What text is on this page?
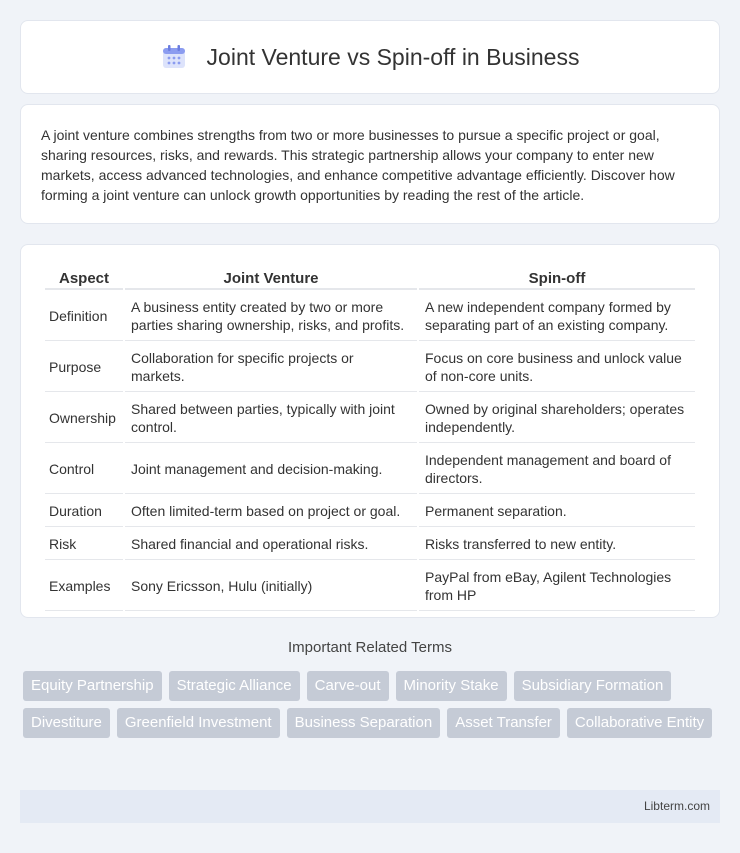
Joint Venture vs Spin-off in Business

A joint venture combines strengths from two or more businesses to pursue a specific project or goal, sharing resources, risks, and rewards. This strategic partnership allows your company to enter new markets, access advanced technologies, and enhance competitive advantage efficiently. Discover how forming a joint venture can unlock growth opportunities by reading the rest of the article.

Aspect	Joint Venture	Spin-off
Definition	A business entity created by two or more parties sharing ownership, risks, and profits.	A new independent company formed by separating part of an existing company.
Purpose	Collaboration for specific projects or markets.	Focus on core business and unlock value of non-core units.
Ownership	Shared between parties, typically with joint control.	Owned by original shareholders; operates independently.
Control	Joint management and decision-making.	Independent management and board of directors.
Duration	Often limited-term based on project or goal.	Permanent separation.
Risk	Shared financial and operational risks.	Risks transferred to new entity.
Examples	Sony Ericsson, Hulu (initially)	PayPal from eBay, Agilent Technologies from HP
Important Related Terms
Equity Partnership	Strategic Alliance	Carve-out	Minority Stake	Subsidiary Formation
Divestiture	Greenfield Investment	Business Separation	Asset Transfer	Collaborative Entity
Libterm.com
